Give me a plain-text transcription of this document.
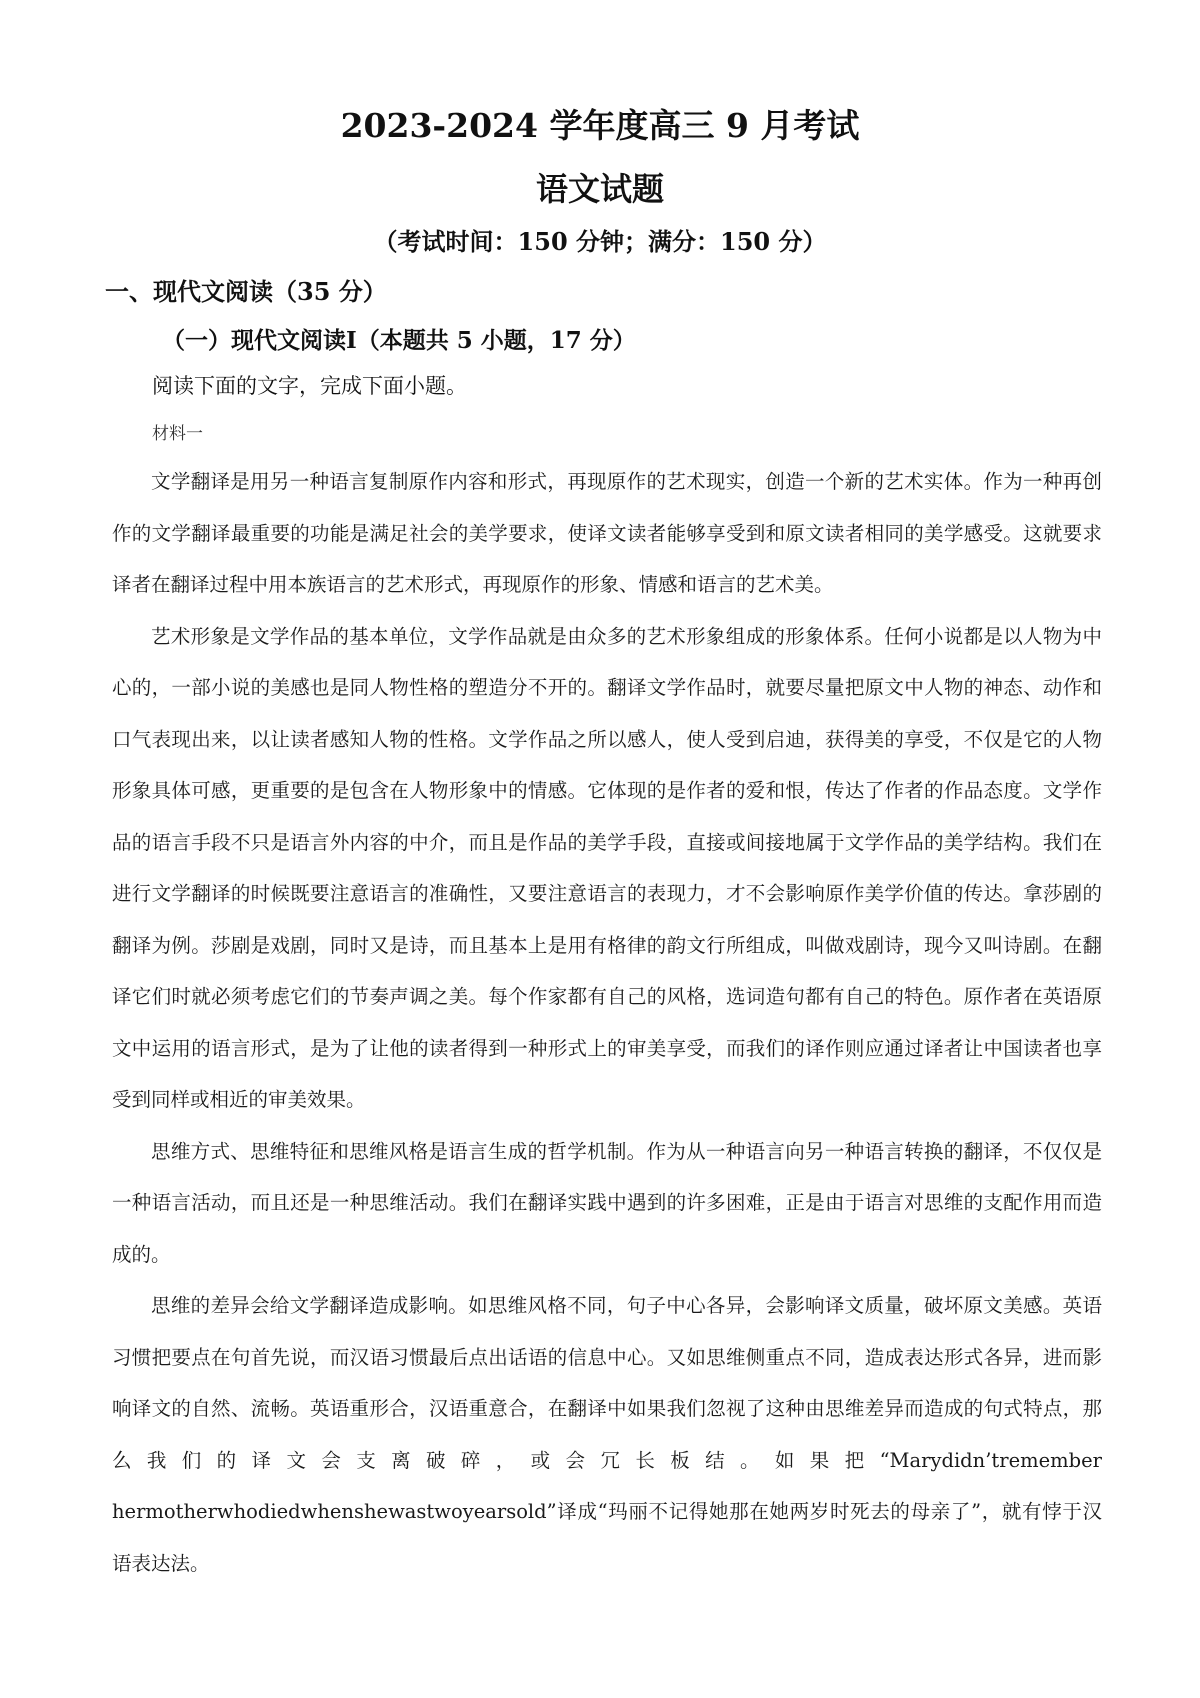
2023-2024 学年度高三 9 月考试
语文试题
（考试时间：150 分钟；满分：150 分）
一、现代文阅读（35 分）
（一）现代文阅读Ⅰ（本题共 5 小题，17 分）
阅读下面的文字，完成下面小题。
材料一

文学翻译是用另一种语言复制原作内容和形式，再现原作的艺术现实，创造一个新的艺术实体。作为一种再创作的文学翻译最重要的功能是满足社会的美学要求，使译文读者能够享受到和原文读者相同的美学感受。这就要求译者在翻译过程中用本族语言的艺术形式，再现原作的形象、情感和语言的艺术美。

艺术形象是文学作品的基本单位，文学作品就是由众多的艺术形象组成的形象体系。任何小说都是以人物为中心的，一部小说的美感也是同人物性格的塑造分不开的。翻译文学作品时，就要尽量把原文中人物的神态、动作和口气表现出来，以让读者感知人物的性格。文学作品之所以感人，使人受到启迪，获得美的享受，不仅是它的人物形象具体可感，更重要的是包含在人物形象中的情感。它体现的是作者的爱和恨，传达了作者的作品态度。文学作品的语言手段不只是语言外内容的中介，而且是作品的美学手段，直接或间接地属于文学作品的美学结构。我们在进行文学翻译的时候既要注意语言的准确性，又要注意语言的表现力，才不会影响原作美学价值的传达。拿莎剧的翻译为例。莎剧是戏剧，同时又是诗，而且基本上是用有格律的韵文行所组成，叫做戏剧诗，现今又叫诗剧。在翻译它们时就必须考虑它们的节奏声调之美。每个作家都有自己的风格，选词造句都有自己的特色。原作者在英语原文中运用的语言形式，是为了让他的读者得到一种形式上的审美享受，而我们的译作则应通过译者让中国读者也享受到同样或相近的审美效果。

思维方式、思维特征和思维风格是语言生成的哲学机制。作为从一种语言向另一种语言转换的翻译，不仅仅是一种语言活动，而且还是一种思维活动。我们在翻译实践中遇到的许多困难，正是由于语言对思维的支配作用而造成的。

思维的差异会给文学翻译造成影响。如思维风格不同，句子中心各异，会影响译文质量，破坏原文美感。英语习惯把要点在句首先说，而汉语习惯最后点出话语的信息中心。又如思维侧重点不同，造成表达形式各异，进而影响译文的自然、流畅。英语重形合，汉语重意合，在翻译中如果我们忽视了这种由思维差异而造成的句式特点，那么我们的译文会支离破碎，或会冗长板结。如果把“Marydidn’tremember hermotherwhodiedwhenshewastwoyearsold”译成“玛丽不记得她那在她两岁时死去的母亲了”，就有悖于汉语表达法。
